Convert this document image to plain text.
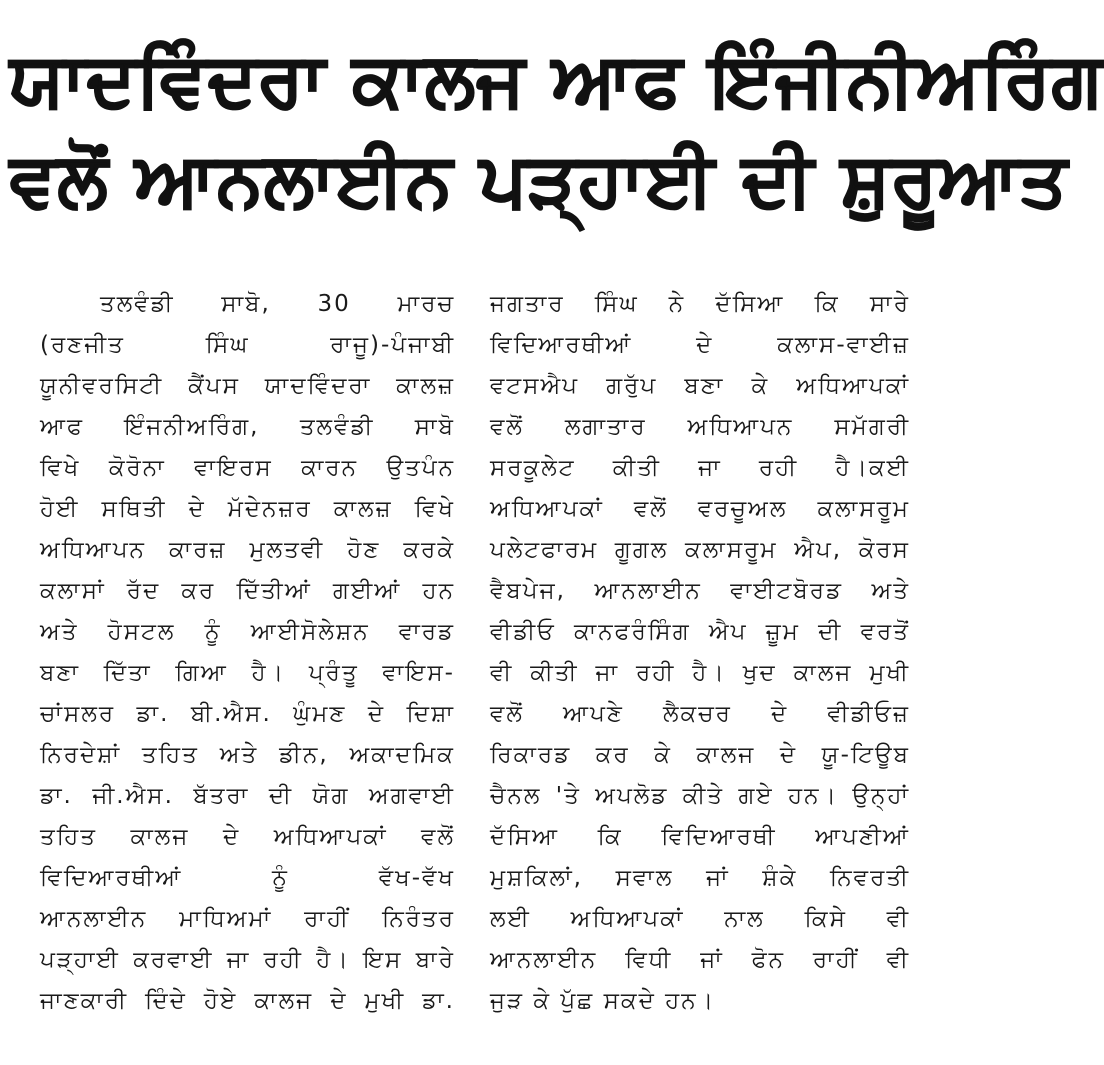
ਯਾਦਵਿੰਦਰਾ ਕਾਲਜ ਆਫ ਇੰਜੀਨੀਅਰਿੰਗ
ਵਲੋਂ ਆਨਲਾਈਨ ਪੜ੍ਹਾਈ ਦੀ ਸ਼ੁਰੂਆਤ
ਤਲਵੰਡੀ ਸਾਬੋ, 30 ਮਾਰਚ
(ਰਣਜੀਤ ਸਿੰਘ ਰਾਜੂ)-ਪੰਜਾਬੀ
ਯੂਨੀਵਰਸਿਟੀ ਕੈਂਪਸ ਯਾਦਵਿੰਦਰਾ ਕਾਲਜ਼
ਆਫ ਇੰਜਨੀਅਰਿੰਗ, ਤਲਵੰਡੀ ਸਾਬੋ
ਵਿਖੇ ਕੋਰੋਨਾ ਵਾਇਰਸ ਕਾਰਨ ਉਤਪੰਨ
ਹੋਈ ਸਥਿਤੀ ਦੇ ਮੱਦੇਨਜ਼ਰ ਕਾਲਜ਼ ਵਿਖੇ
ਅਧਿਆਪਨ ਕਾਰਜ਼ ਮੁਲਤਵੀ ਹੋਣ ਕਰਕੇ
ਕਲਾਸਾਂ ਰੱਦ ਕਰ ਦਿੱਤੀਆਂ ਗਈਆਂ ਹਨ
ਅਤੇ ਹੋਸਟਲ ਨੂੰ ਆਈਸੋਲੇਸ਼ਨ ਵਾਰਡ
ਬਣਾ ਦਿੱਤਾ ਗਿਆ ਹੈ। ਪ੍ਰੰਤੂ ਵਾਇਸ-
ਚਾਂਸਲਰ ਡਾ. ਬੀ.ਐਸ. ਘੁੰਮਣ ਦੇ ਦਿਸ਼ਾ
ਨਿਰਦੇਸ਼ਾਂ ਤਹਿਤ ਅਤੇ ਡੀਨ, ਅਕਾਦਮਿਕ
ਡਾ. ਜੀ.ਐਸ. ਬੱਤਰਾ ਦੀ ਯੋਗ ਅਗਵਾਈ
ਤਹਿਤ ਕਾਲਜ ਦੇ ਅਧਿਆਪਕਾਂ ਵਲੋਂ
ਵਿਦਿਆਰਥੀਆਂ ਨੂੰ ਵੱਖ-ਵੱਖ
ਆਨਲਾਈਨ ਮਾਧਿਅਮਾਂ ਰਾਹੀਂ ਨਿਰੰਤਰ
ਪੜ੍ਹਾਈ ਕਰਵਾਈ ਜਾ ਰਹੀ ਹੈ। ਇਸ ਬਾਰੇ
ਜਾਣਕਾਰੀ ਦਿੰਦੇ ਹੋਏ ਕਾਲਜ ਦੇ ਮੁਖੀ ਡਾ.
ਜਗਤਾਰ ਸਿੰਘ ਨੇ ਦੱਸਿਆ ਕਿ ਸਾਰੇ
ਵਿਦਿਆਰਥੀਆਂ ਦੇ ਕਲਾਸ-ਵਾਈਜ਼
ਵਟਸਐਪ ਗਰੁੱਪ ਬਣਾ ਕੇ ਅਧਿਆਪਕਾਂ
ਵਲੋਂ ਲਗਾਤਾਰ ਅਧਿਆਪਨ ਸਮੱਗਰੀ
ਸਰਕੂਲੇਟ ਕੀਤੀ ਜਾ ਰਹੀ ਹੈ।ਕਈ
ਅਧਿਆਪਕਾਂ ਵਲੋਂ ਵਰਚੂਅਲ ਕਲਾਸਰੂਮ
ਪਲੇਟਫਾਰਮ ਗੂਗਲ ਕਲਾਸਰੂਮ ਐਪ, ਕੋਰਸ
ਵੈਬਪੇਜ, ਆਨਲਾਈਨ ਵਾਈਟਬੋਰਡ ਅਤੇ
ਵੀਡੀਓ ਕਾਨਫਰੰਸਿੰਗ ਐਪ ਜ਼ੂਮ ਦੀ ਵਰਤੋਂ
ਵੀ ਕੀਤੀ ਜਾ ਰਹੀ ਹੈ। ਖੁਦ ਕਾਲਜ ਮੁਖੀ
ਵਲੋਂ ਆਪਣੇ ਲੈਕਚਰ ਦੇ ਵੀਡੀਓਜ਼
ਰਿਕਾਰਡ ਕਰ ਕੇ ਕਾਲਜ ਦੇ ਯੂ-ਟਿਊਬ
ਚੈਨਲ 'ਤੇ ਅਪਲੋਡ ਕੀਤੇ ਗਏ ਹਨ। ਉਨ੍ਹਾਂ
ਦੱਸਿਆ ਕਿ ਵਿਦਿਆਰਥੀ ਆਪਣੀਆਂ
ਮੁਸ਼ਕਿਲਾਂ, ਸਵਾਲ ਜਾਂ ਸ਼ੰਕੇ ਨਿਵਰਤੀ
ਲਈ ਅਧਿਆਪਕਾਂ ਨਾਲ ਕਿਸੇ ਵੀ
ਆਨਲਾਈਨ ਵਿਧੀ ਜਾਂ ਫੋਨ ਰਾਹੀਂ ਵੀ
ਜੁੜ ਕੇ ਪੁੱਛ ਸਕਦੇ ਹਨ।
